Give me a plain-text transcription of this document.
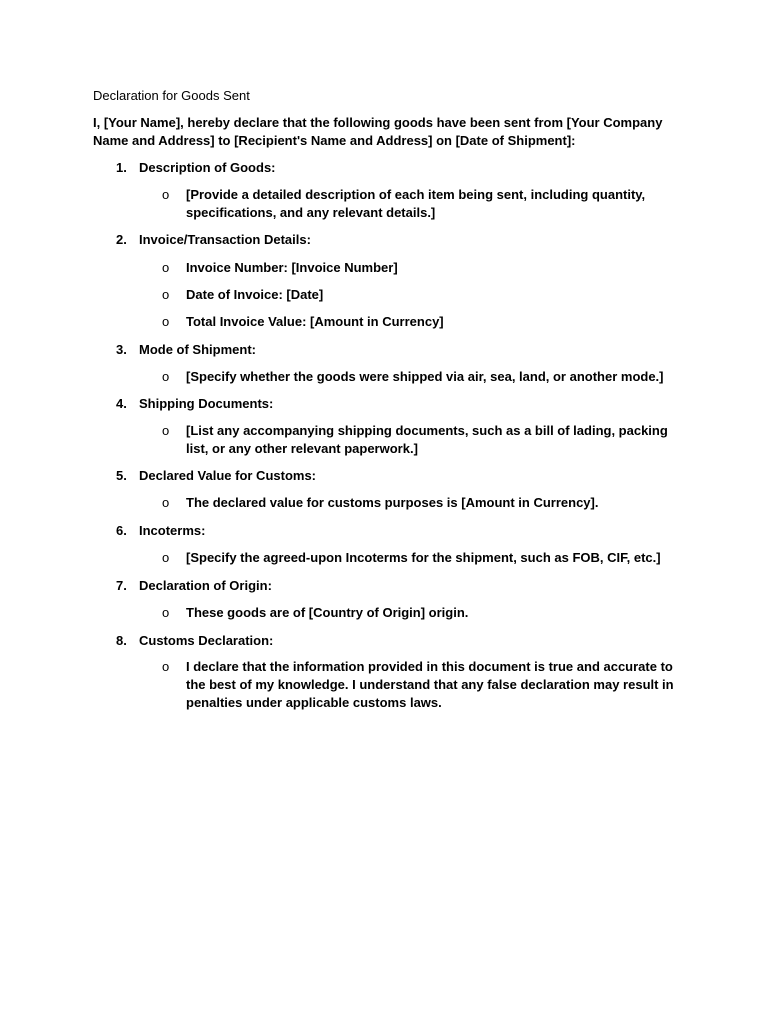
Declaration for Goods Sent
I, [Your Name], hereby declare that the following goods have been sent from [Your Company Name and Address] to [Recipient's Name and Address] on [Date of Shipment]:
1. Description of Goods:
o [Provide a detailed description of each item being sent, including quantity, specifications, and any relevant details.]
2. Invoice/Transaction Details:
o Invoice Number: [Invoice Number]
o Date of Invoice: [Date]
o Total Invoice Value: [Amount in Currency]
3. Mode of Shipment:
o [Specify whether the goods were shipped via air, sea, land, or another mode.]
4. Shipping Documents:
o [List any accompanying shipping documents, such as a bill of lading, packing list, or any other relevant paperwork.]
5. Declared Value for Customs:
o The declared value for customs purposes is [Amount in Currency].
6. Incoterms:
o [Specify the agreed-upon Incoterms for the shipment, such as FOB, CIF, etc.]
7. Declaration of Origin:
o These goods are of [Country of Origin] origin.
8. Customs Declaration:
o I declare that the information provided in this document is true and accurate to the best of my knowledge. I understand that any false declaration may result in penalties under applicable customs laws.
